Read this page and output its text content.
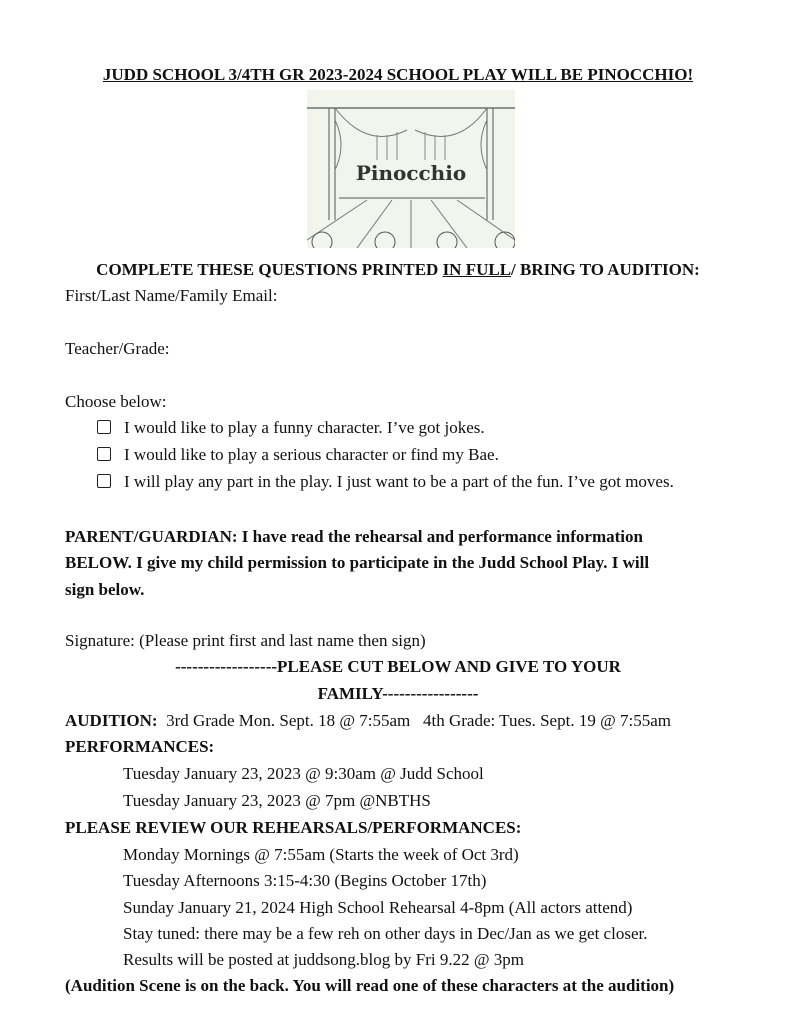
JUDD SCHOOL 3/4TH GR 2023-2024 SCHOOL PLAY WILL BE PINOCCHIO!
Pinocchio
COMPLETE THESE QUESTIONS PRINTED IN FULL/ BRING TO AUDITION:
First/Last Name/Family Email:
Teacher/Grade:
Choose below:
I would like to play a funny character. I’ve got jokes.
I would like to play a serious character or find my Bae.
I will play any part in the play. I just want to be a part of the fun. I’ve got moves.
PARENT/GUARDIAN: I have read the rehearsal and performance information
BELOW. I give my child permission to participate in the Judd School Play. I will
sign below.
Signature: (Please print first and last name then sign)
------------------PLEASE CUT BELOW AND GIVE TO YOUR
FAMILY-----------------
AUDITION:  3rd Grade Mon. Sept. 18 @ 7:55am   4th Grade: Tues. Sept. 19 @ 7:55am
PERFORMANCES:
Tuesday January 23, 2023 @ 9:30am @ Judd School
Tuesday January 23, 2023 @ 7pm @NBTHS
PLEASE REVIEW OUR REHEARSALS/PERFORMANCES:
Monday Mornings @ 7:55am (Starts the week of Oct 3rd)
Tuesday Afternoons 3:15-4:30 (Begins October 17th)
Sunday January 21, 2024 High School Rehearsal 4-8pm (All actors attend)
Stay tuned: there may be a few reh on other days in Dec/Jan as we get closer.
Results will be posted at juddsong.blog by Fri 9.22 @ 3pm
(Audition Scene is on the back. You will read one of these characters at the audition)
